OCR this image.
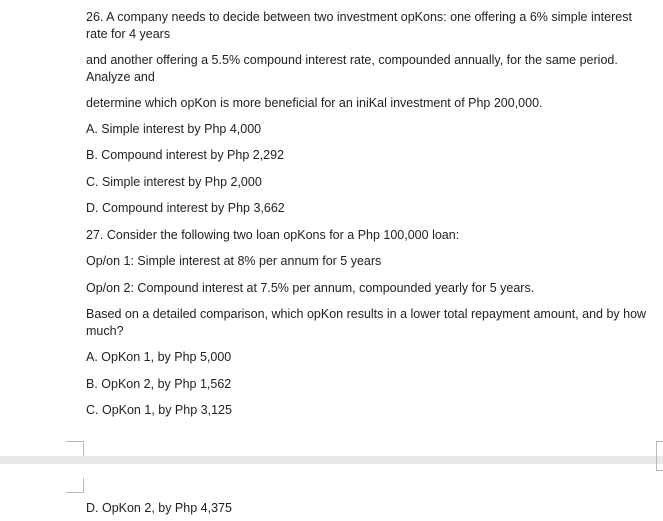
26. A company needs to decide between two investment opKons: one offering a 6% simple interest rate for 4 years
and another offering a 5.5% compound interest rate, compounded annually, for the same period. Analyze and
determine which opKon is more beneficial for an iniKal investment of Php 200,000.
A. Simple interest by Php 4,000
B. Compound interest by Php 2,292
C. Simple interest by Php 2,000
D. Compound interest by Php 3,662
27. Consider the following two loan opKons for a Php 100,000 loan:
Op/on 1: Simple interest at 8% per annum for 5 years
Op/on 2: Compound interest at 7.5% per annum, compounded yearly for 5 years.
Based on a detailed comparison, which opKon results in a lower total repayment amount, and by how much?
A. OpKon 1, by Php 5,000
B. OpKon 2, by Php 1,562
C. OpKon 1, by Php 3,125
D. OpKon 2, by Php 4,375
